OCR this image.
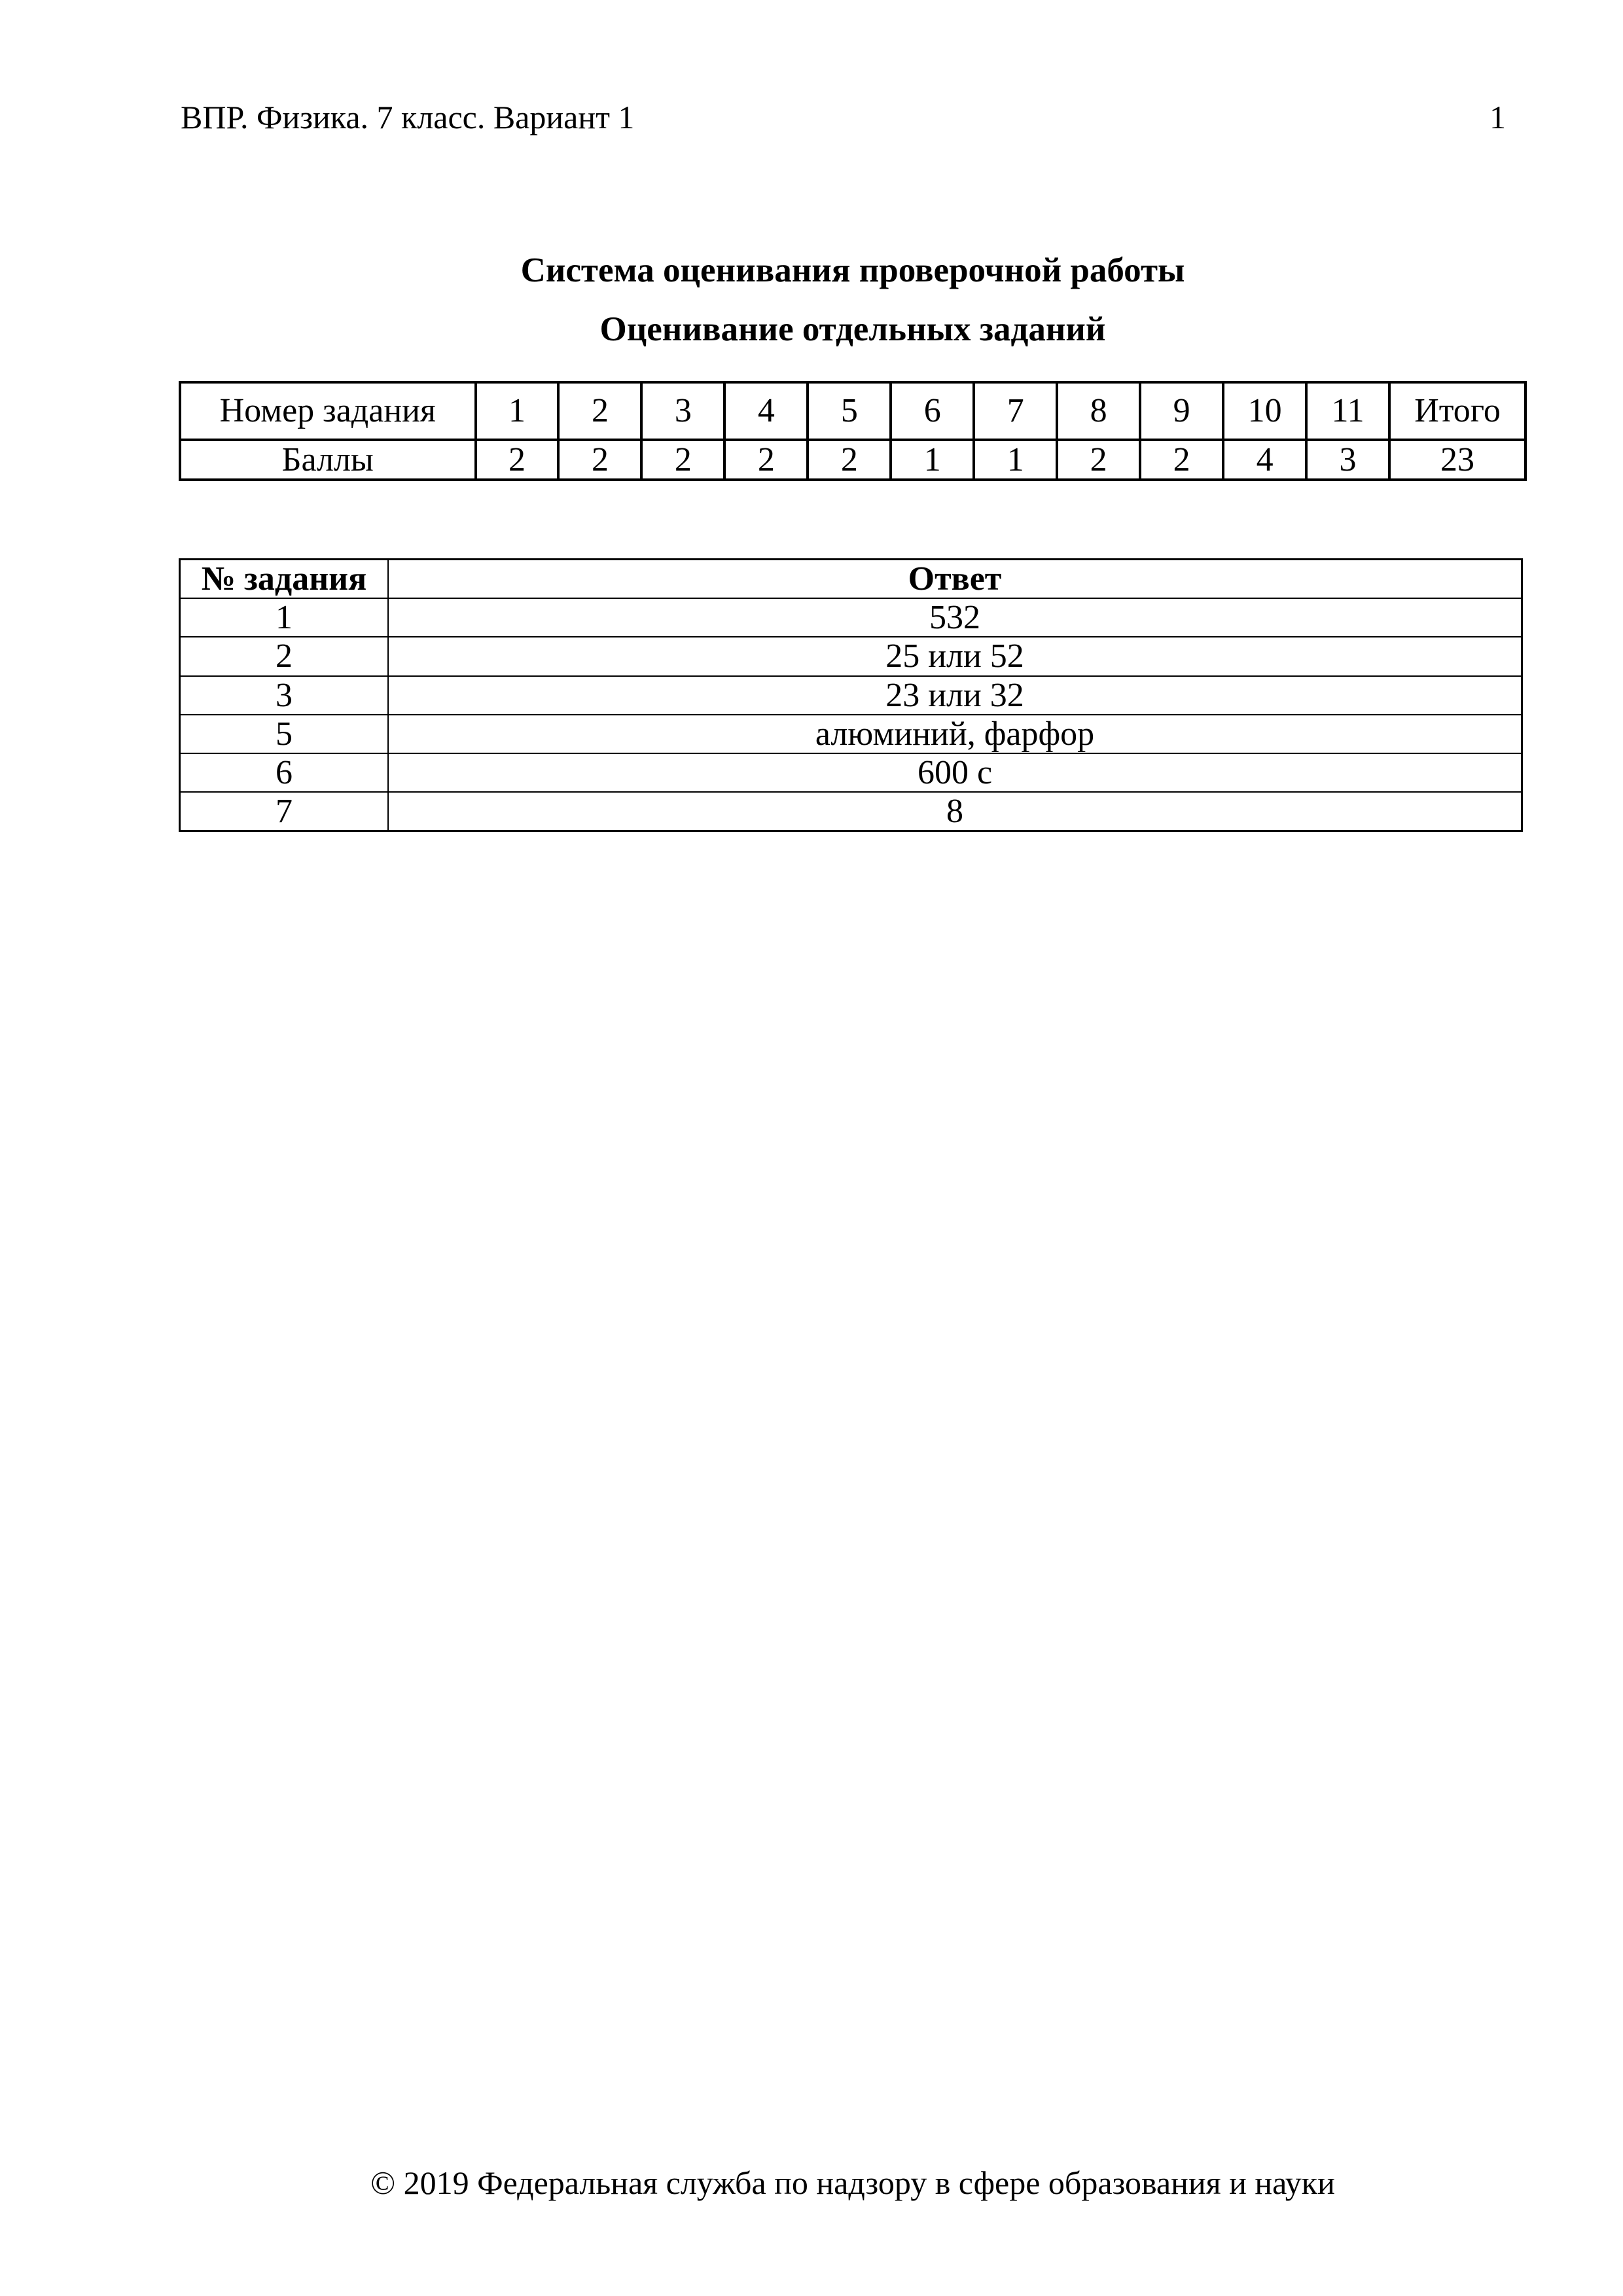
ВПР. Физика. 7 класс. Вариант 1	1
Система оценивания проверочной работы
Оценивание отдельных заданий
Номер задания	1	2	3	4	5	6	7	8	9	10	11	Итого
Баллы	2	2	2	2	2	1	1	2	2	4	3	23
№ задания	Ответ
1	532
2	25 или 52
3	23 или 32
5	алюминий, фарфор
6	600 с
7	8
© 2019 Федеральная служба по надзору в сфере образования и науки
